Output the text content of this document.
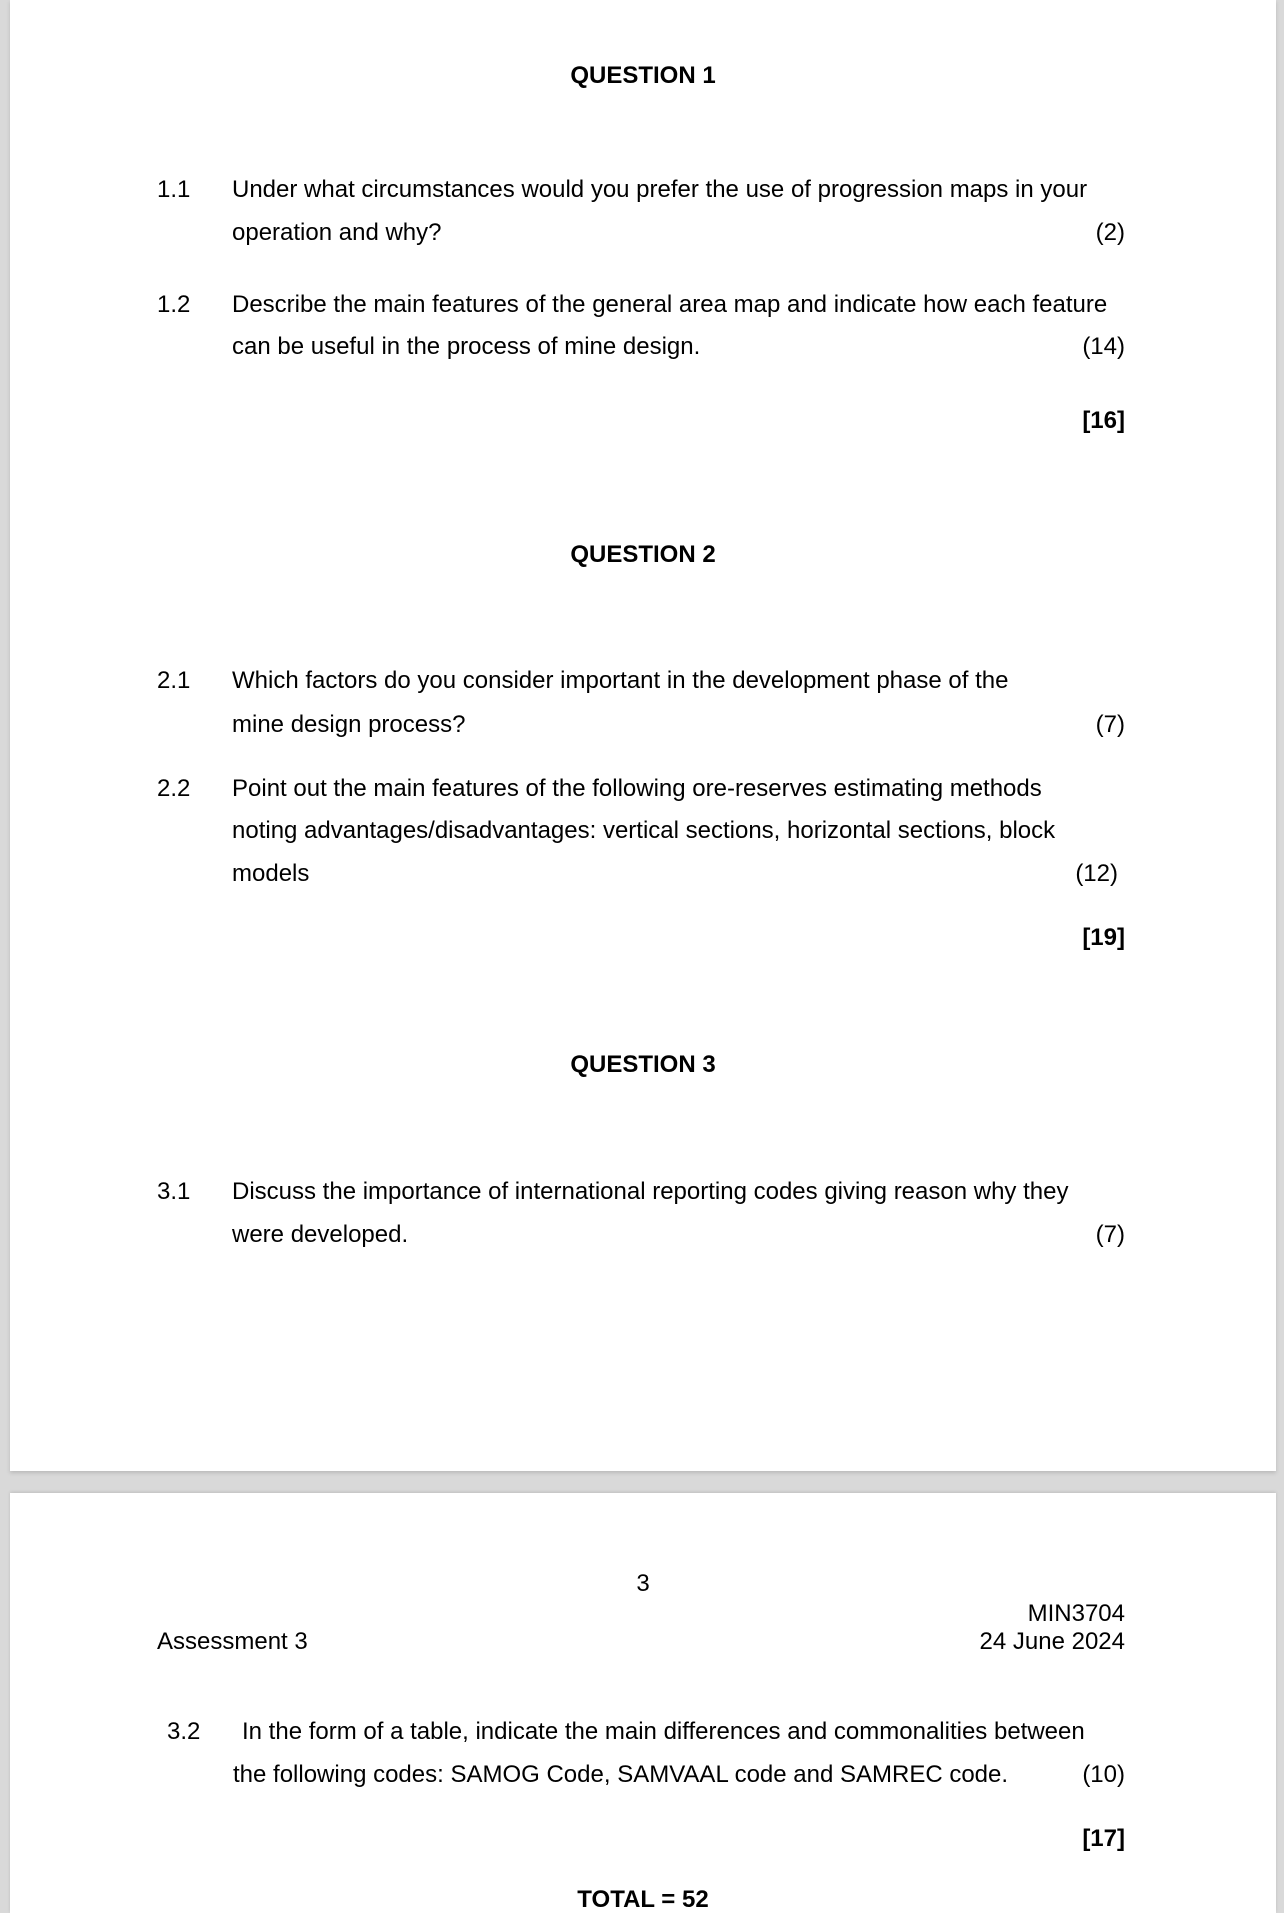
QUESTION 1
1.1 Under what circumstances would you prefer the use of progression maps in your
operation and why?	(2)
1.2 Describe the main features of the general area map and indicate how each feature
can be useful in the process of mine design.	(14)
[16]
QUESTION 2
2.1 Which factors do you consider important in the development phase of the
mine design process?	(7)
2.2 Point out the main features of the following ore-reserves estimating methods
noting advantages/disadvantages: vertical sections, horizontal sections, block
models	(12)
[19]
QUESTION 3
3.1 Discuss the importance of international reporting codes giving reason why they
were developed.	(7)
3
MIN3704
Assessment 3	24 June 2024
3.2 In the form of a table, indicate the main differences and commonalities between
the following codes: SAMOG Code, SAMVAAL code and SAMREC code.	(10)
[17]
TOTAL = 52
